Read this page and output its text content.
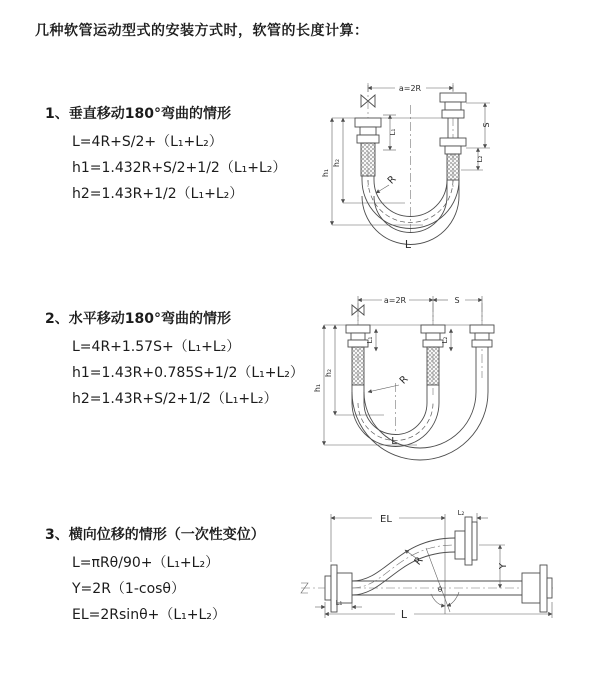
几种软管运动型式的安装方式时，软管的长度计算：
1、垂直移动180°弯曲的情形
L=4R+S/2+（L₁+L₂）
h1=1.432R+S/2+1/2（L₁+L₂）
h2=1.43R+1/2（L₁+L₂）
2、水平移动180°弯曲的情形
L=4R+1.57S+（L₁+L₂）
h1=1.43R+0.785S+1/2（L₁+L₂）
h2=1.43R+S/2+1/2（L₁+L₂）
3、横向位移的情形（一次性变位）
L=πRθ/90+（L₁+L₂）
Y=2R（1-cosθ）
EL=2Rsinθ+（L₁+L₂）
a=2R
h₁
h₂
L₁
S
L₂
R
L
a=2R	S
h₁
h₂
L₁	L₂
R
L
EL
L₂
Y
L
L₁
R
θ
